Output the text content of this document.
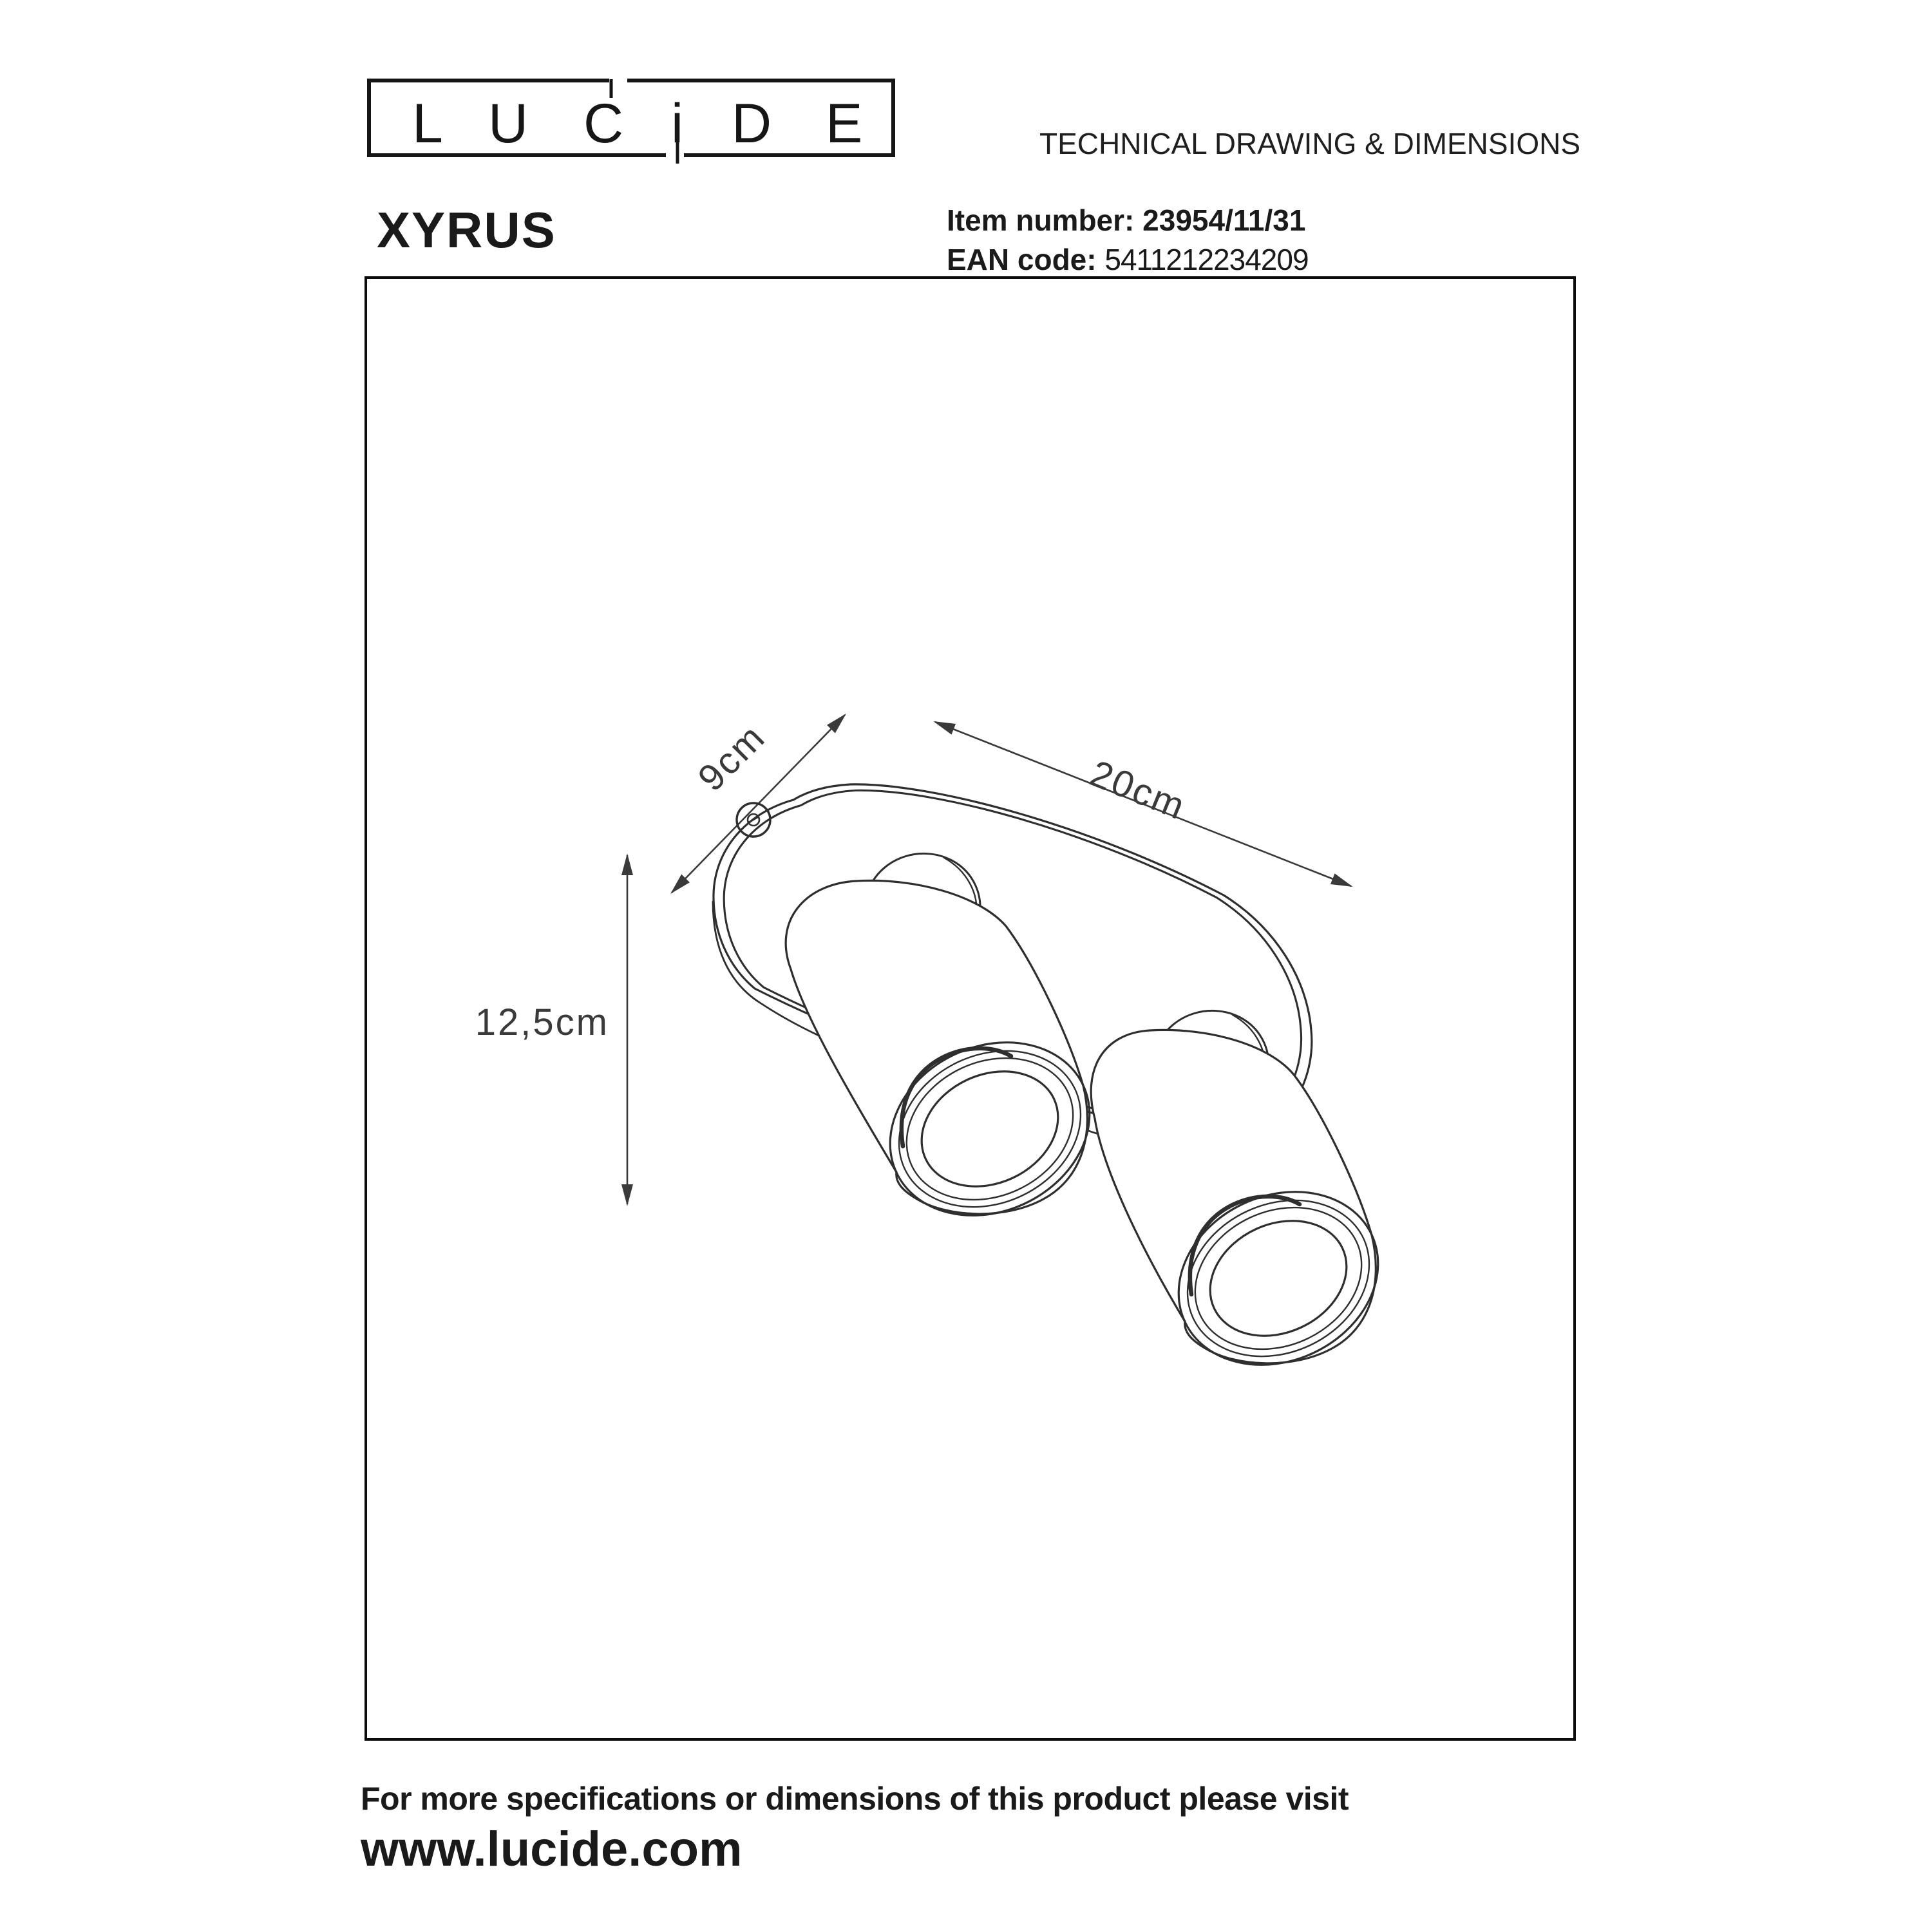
L U C i D E	TECHNICAL DRAWING & DIMENSIONS
XYRUS	Item number: 23954/11/31
EAN code: 5411212234209
9cm	20cm
12,5cm
For more specifications or dimensions of this product please visit
www.lucide.com
